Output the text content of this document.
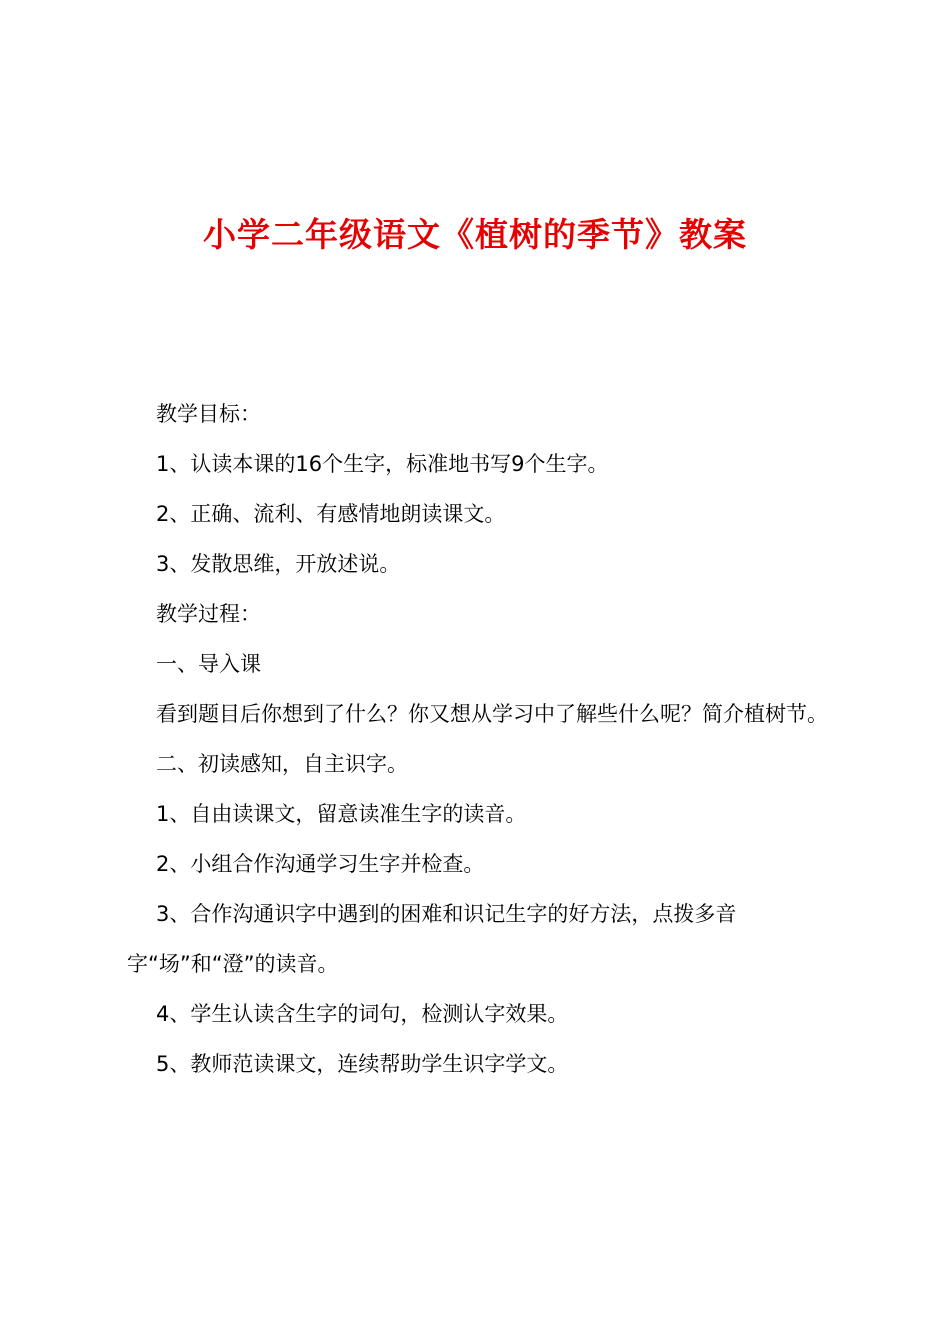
小学二年级语文《植树的季节》教案

教学目标：

1、认读本课的16个生字，标准地书写9个生字。

2、正确、流利、有感情地朗读课文。

3、发散思维，开放述说。

教学过程：

一、导入课

看到题目后你想到了什么？你又想从学习中了解些什么呢？简介植树节。

二、初读感知，自主识字。

1、自由读课文，留意读准生字的读音。

2、小组合作沟通学习生字并检查。

3、合作沟通识字中遇到的困难和识记生字的好方法，点拨多音字“场”和“澄”的读音。

4、学生认读含生字的词句，检测认字效果。

5、教师范读课文，连续帮助学生识字学文。
